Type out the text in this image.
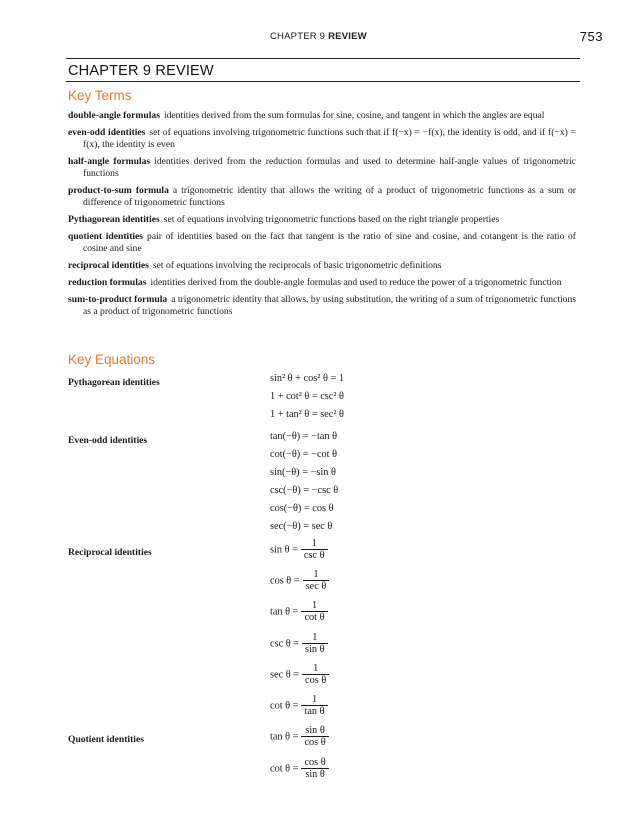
CHAPTER 9 REVIEW	753
CHAPTER 9 REVIEW
Key Terms
double-angle formulas identities derived from the sum formulas for sine, cosine, and tangent in which the angles are equal
even-odd identities set of equations involving trigonometric functions such that if f(−x) = −f(x), the identity is odd, and if f(−x) = f(x), the identity is even
half-angle formulas identities derived from the reduction formulas and used to determine half-angle values of trigonometric functions
product-to-sum formula a trigonometric identity that allows the writing of a product of trigonometric functions as a sum or difference of trigonometric functions
Pythagorean identities set of equations involving trigonometric functions based on the right triangle properties
quotient identities pair of identities based on the fact that tangent is the ratio of sine and cosine, and cotangent is the ratio of cosine and sine
reciprocal identities set of equations involving the reciprocals of basic trigonometric definitions
reduction formulas identities derived from the double-angle formulas and used to reduce the power of a trigonometric function
sum-to-product formula a trigonometric identity that allows, by using substitution, the writing of a sum of trigonometric functions as a product of trigonometric functions
Key Equations
Pythagorean identities	sin² θ + cos² θ = 1
1 + cot² θ = csc² θ
1 + tan² θ = sec² θ
Even-odd identities	tan(−θ) = −tan θ
cot(−θ) = −cot θ
sin(−θ) = −sin θ
csc(−θ) = −csc θ
cos(−θ) = cos θ
sec(−θ) = sec θ
Reciprocal identities	$\sin \theta = \frac{1}{\text{csc θ}}$
$\cos \theta = \frac{1}{\text{sec θ}}$
$\tan \theta = \frac{1}{\text{cot θ}}$
$\csc \theta = \frac{1}{\text{sin θ}}$
$\sec \theta = \frac{1}{\text{cos θ}}$
$\cot \theta = \frac{1}{\text{tan θ}}$
Quotient identities	$\tan \theta = \frac{\text{sin θ}}{\text{cos θ}}$
$\cot \theta = \frac{\text{cos θ}}{\text{sin θ}}$
